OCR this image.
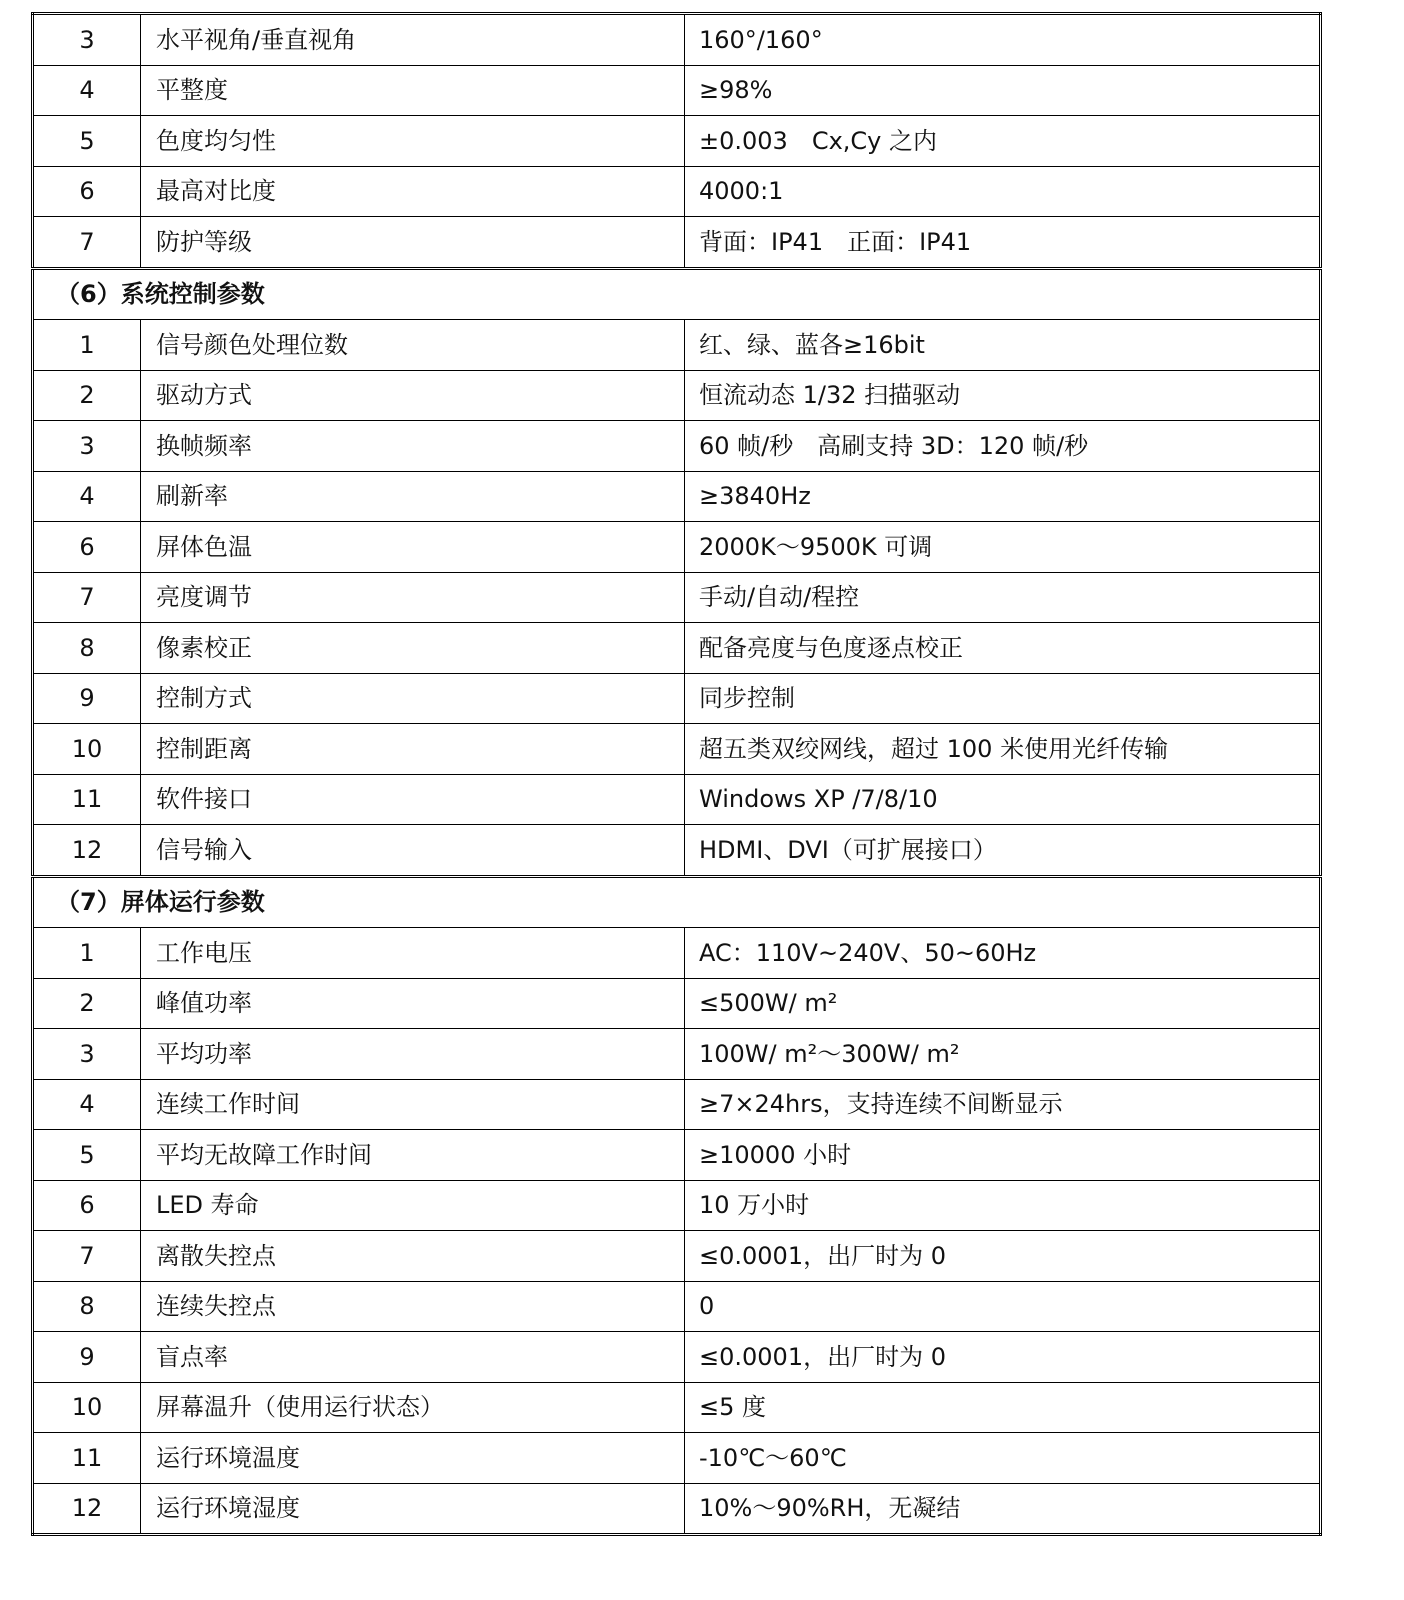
3	水平视角/垂直视角	160°/160°
4	平整度	≥98%
5	色度均匀性	±0.003　Cx,Cy 之内
6	最高对比度	4000:1
7	防护等级	背面：IP41　正面：IP41
（6）系统控制参数		
1	信号颜色处理位数	红、绿、蓝各≥16bit
2	驱动方式	恒流动态 1/32 扫描驱动
3	换帧频率	60 帧/秒　高刷支持 3D：120 帧/秒
4	刷新率	≥3840Hz
6	屏体色温	2000K～9500K 可调
7	亮度调节	手动/自动/程控
8	像素校正	配备亮度与色度逐点校正
9	控制方式	同步控制
10	控制距离	超五类双绞网线，超过 100 米使用光纤传输
11	软件接口	Windows XP /7/8/10
12	信号输入	HDMI、DVI（可扩展接口）
（7）屏体运行参数		
1	工作电压	AC：110V~240V、50~60Hz
2	峰值功率	≤500W/ m²
3	平均功率	100W/ m²～300W/ m²
4	连续工作时间	≥7×24hrs，支持连续不间断显示
5	平均无故障工作时间	≥10000 小时
6	LED 寿命	10 万小时
7	离散失控点	≤0.0001，出厂时为 0
8	连续失控点	0
9	盲点率	≤0.0001，出厂时为 0
10	屏幕温升（使用运行状态）	≤5 度
11	运行环境温度	-10℃～60℃
12	运行环境湿度	10%～90%RH，无凝结
